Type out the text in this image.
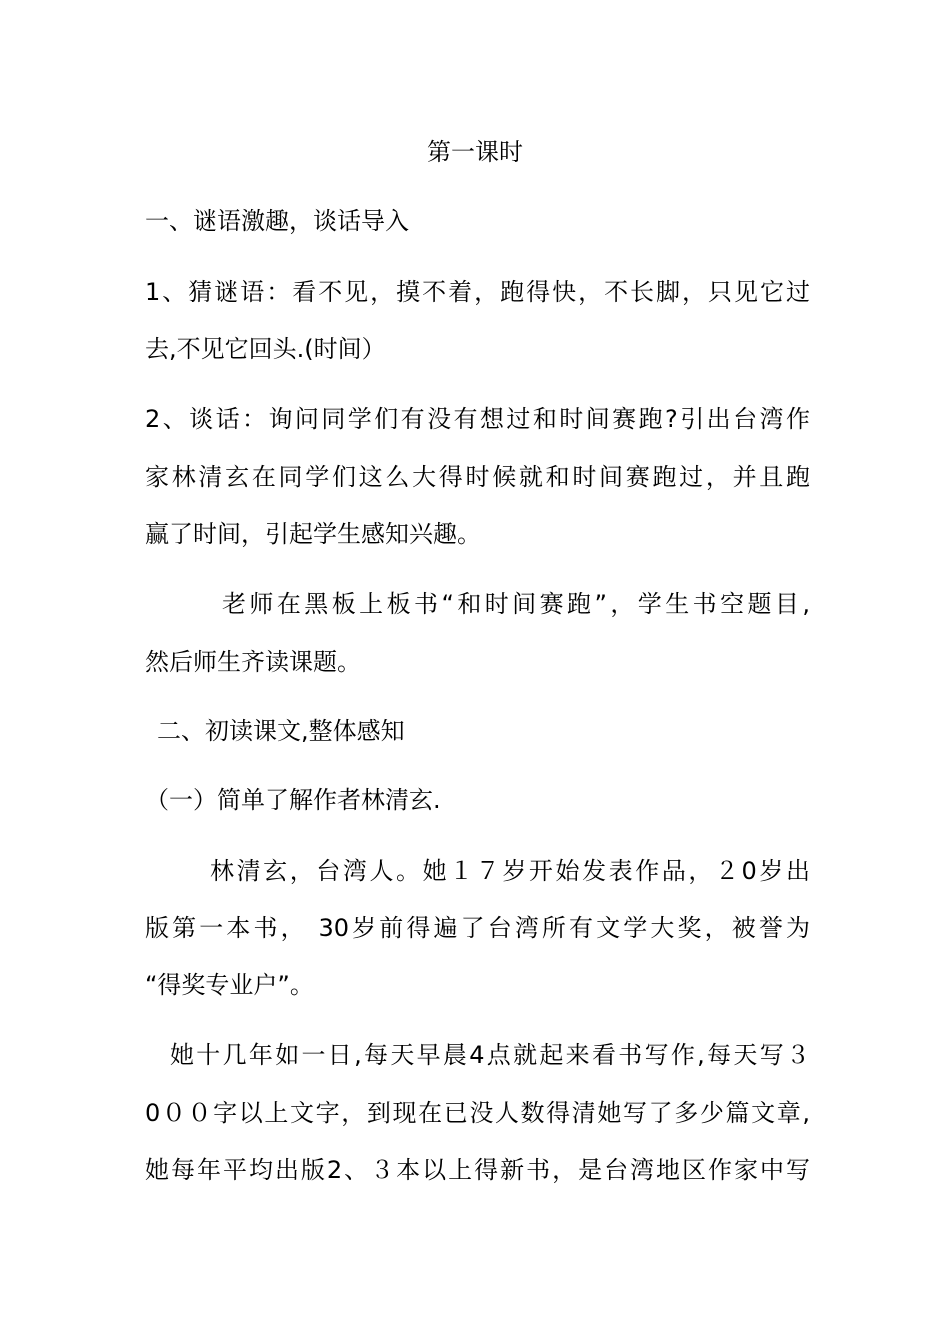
第一课时
一、谜语激趣，谈话导入
1、猜谜语：看不见，摸不着，跑得快，不长脚，只见它过
去,不见它回头.(时间）
2、谈话：询问同学们有没有想过和时间赛跑?引出台湾作
家林清玄在同学们这么大得时候就和时间赛跑过，并且跑
赢了时间，引起学生感知兴趣。
老师在黑板上板书“和时间赛跑”，学生书空题目,
然后师生齐读课题。
二、初读课文,整体感知
（一）简单了解作者林清玄.
林清玄，台湾人。她１７岁开始发表作品，２0岁出
版第一本书， 30岁前得遍了台湾所有文学大奖，被誉为
“得奖专业户”。
她十几年如一日,每天早晨4点就起来看书写作,每天写３
0００字以上文字，到现在已没人数得清她写了多少篇文章,
她每年平均出版2、３本以上得新书，是台湾地区作家中写
